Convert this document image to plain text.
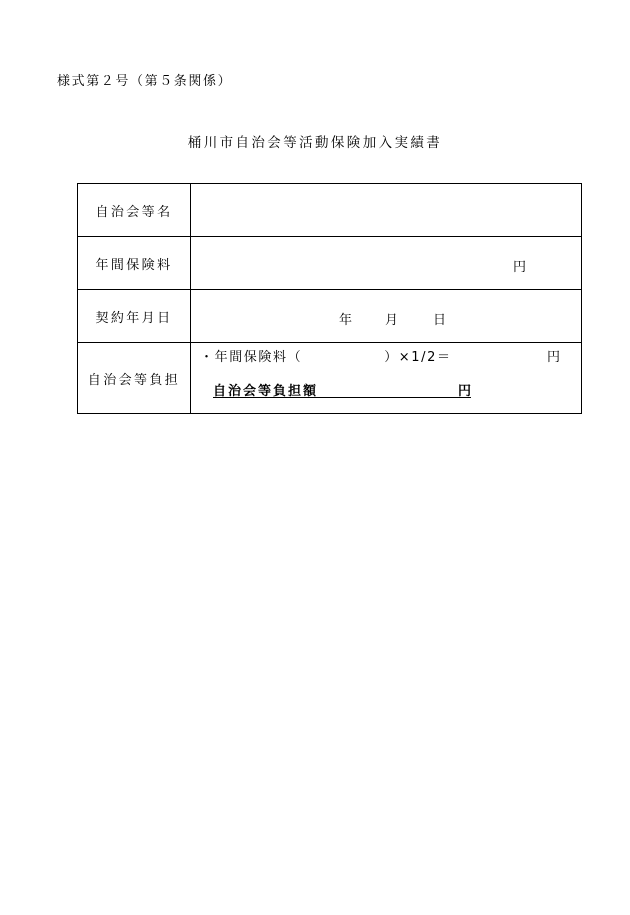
様式第２号（第５条関係）
桶川市自治会等活動保険加入実績書
自治会等名	
年間保険料	円

契約年月日	年 月 日

自治会等負担	・年間保険料（ ）×1/2＝ 円
自治会等負担額 円
